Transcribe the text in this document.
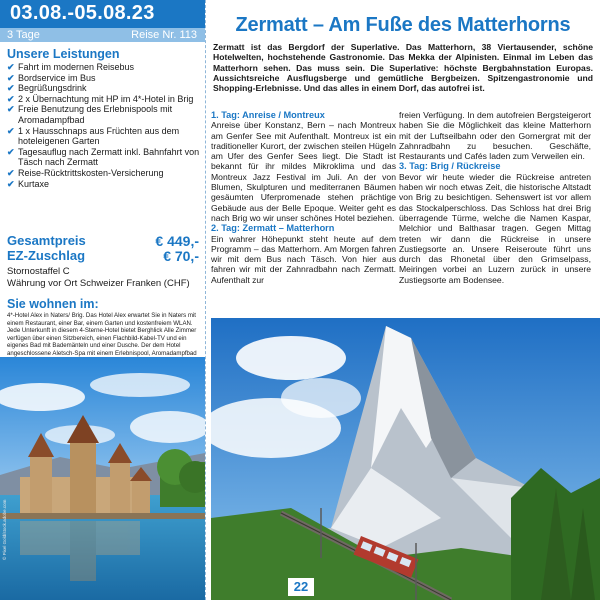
03.08.-05.08.23
3 Tage	Reise Nr. 113
Unsere Leistungen
✔ Fahrt im modernen Reisebus
✔ Bordservice im Bus
✔ Begrüßungsdrink
✔ 2 x Übernachtung mit HP im 4*-Hotel in Brig
✔ Freie Benutzung des Erlebnispools mit Aromadampfbad
✔ 1 x Hausschnaps aus Früchten aus dem hoteleigenen Garten
✔ Tagesauflug nach Zermatt inkl. Bahnfahrt von Täsch nach Zermatt
✔ Reise-Rücktrittskosten-Versicherung
✔ Kurtaxe
Gesamtpreis	€ 449,-
EZ-Zuschlag	€ 70,-
Stornostaffel C
Währung vor Ort Schweizer Franken (CHF)
Sie wohnen im:
4*-Hotel Alex in Naters/ Brig. Das Hotel Alex erwartet Sie in Naters mit einem Restaurant, einer Bar, einem Garten und kostenfreiem WLAN. Jede Unterkunft in diesem 4-Sterne-Hotel bietet Berghlick Alle Zimmer verfügen über einen Sitzbereich, einen Flachbild-Kabel-TV und ein eigenes Bad mit Bademänteln und einer Dusche. Der dem Hotel angeschlossene Aletsch-Spa mit einem Erlebnispool, Aromadampfbad
© Pixel Gold/stock.adobe.com
Zermatt – Am Fuße des Matterhorns
Zermatt ist das Bergdorf der Superlative. Das Matterhorn, 38 Viertausender, schöne Hotelwelten, hochstehende Gastronomie. Das Mekka der Alpinisten. Einmal im Leben das Matterhorn sehen. Das muss sein. Die Superlative: höchste Bergbahnstation Europas. Aussichtsreiche Ausflugsberge und gemütliche Bergbeizen. Spitzengastronomie und Shopping-Erlebnisse. Und das alles in einem Dorf, das autofrei ist.
1. Tag: Anreise / Montreux
Anreise über Konstanz, Bern – nach Montreux am Genfer See mit Aufenthalt. Montreux ist ein traditioneller Kurort, der zwischen steilen Hügeln am Ufer des Genfer Sees liegt. Die Stadt ist bekannt für ihr mildes Mikroklima und das Montreux Jazz Festival im Juli. An der von Blumen, Skulpturen und mediterranen Bäumen gesäumten Uferpromenade stehen prächtige Gebäude aus der Belle Epoque. Weiter geht es nach Brig wo wir unser schönes Hotel beziehen.
2. Tag: Zermatt – Matterhorn
Ein wahrer Höhepunkt steht heute auf dem Programm – das Matterhorn. Am Morgen fahren wir mit dem Bus nach Täsch. Von hier aus fahren wir mit der Zahnradbahn nach Zermatt. Aufenthalt zur
freien Verfügung. In dem autofreien Bergsteigerort haben Sie die Möglichkeit das kleine Matterhorn mit der Luftseilbahn oder den Gornergrat mit der Zahnradbahn zu besuchen. Geschäfte, Restaurants und Cafés laden zum Verweilen ein.
3. Tag: Brig / Rückreise
Bevor wir heute wieder die Rückreise antreten haben wir noch etwas Zeit, die historische Altstadt von Brig zu besichtigen. Sehenswert ist vor allem das Stockalperschloss. Das Schloss hat drei Brig überragende Türme, welche die Namen Kaspar, Melchior und Balthasar tragen. Gegen Mittag treten wir dann die Rückreise in unsere Zustiegsorte an. Unsere Reiseroute führt uns durch das Rhonetal über den Grimselpass, Meiringen vorbei an Luzern zurück in unsere Zustiegsorte am Bodensee.
22
